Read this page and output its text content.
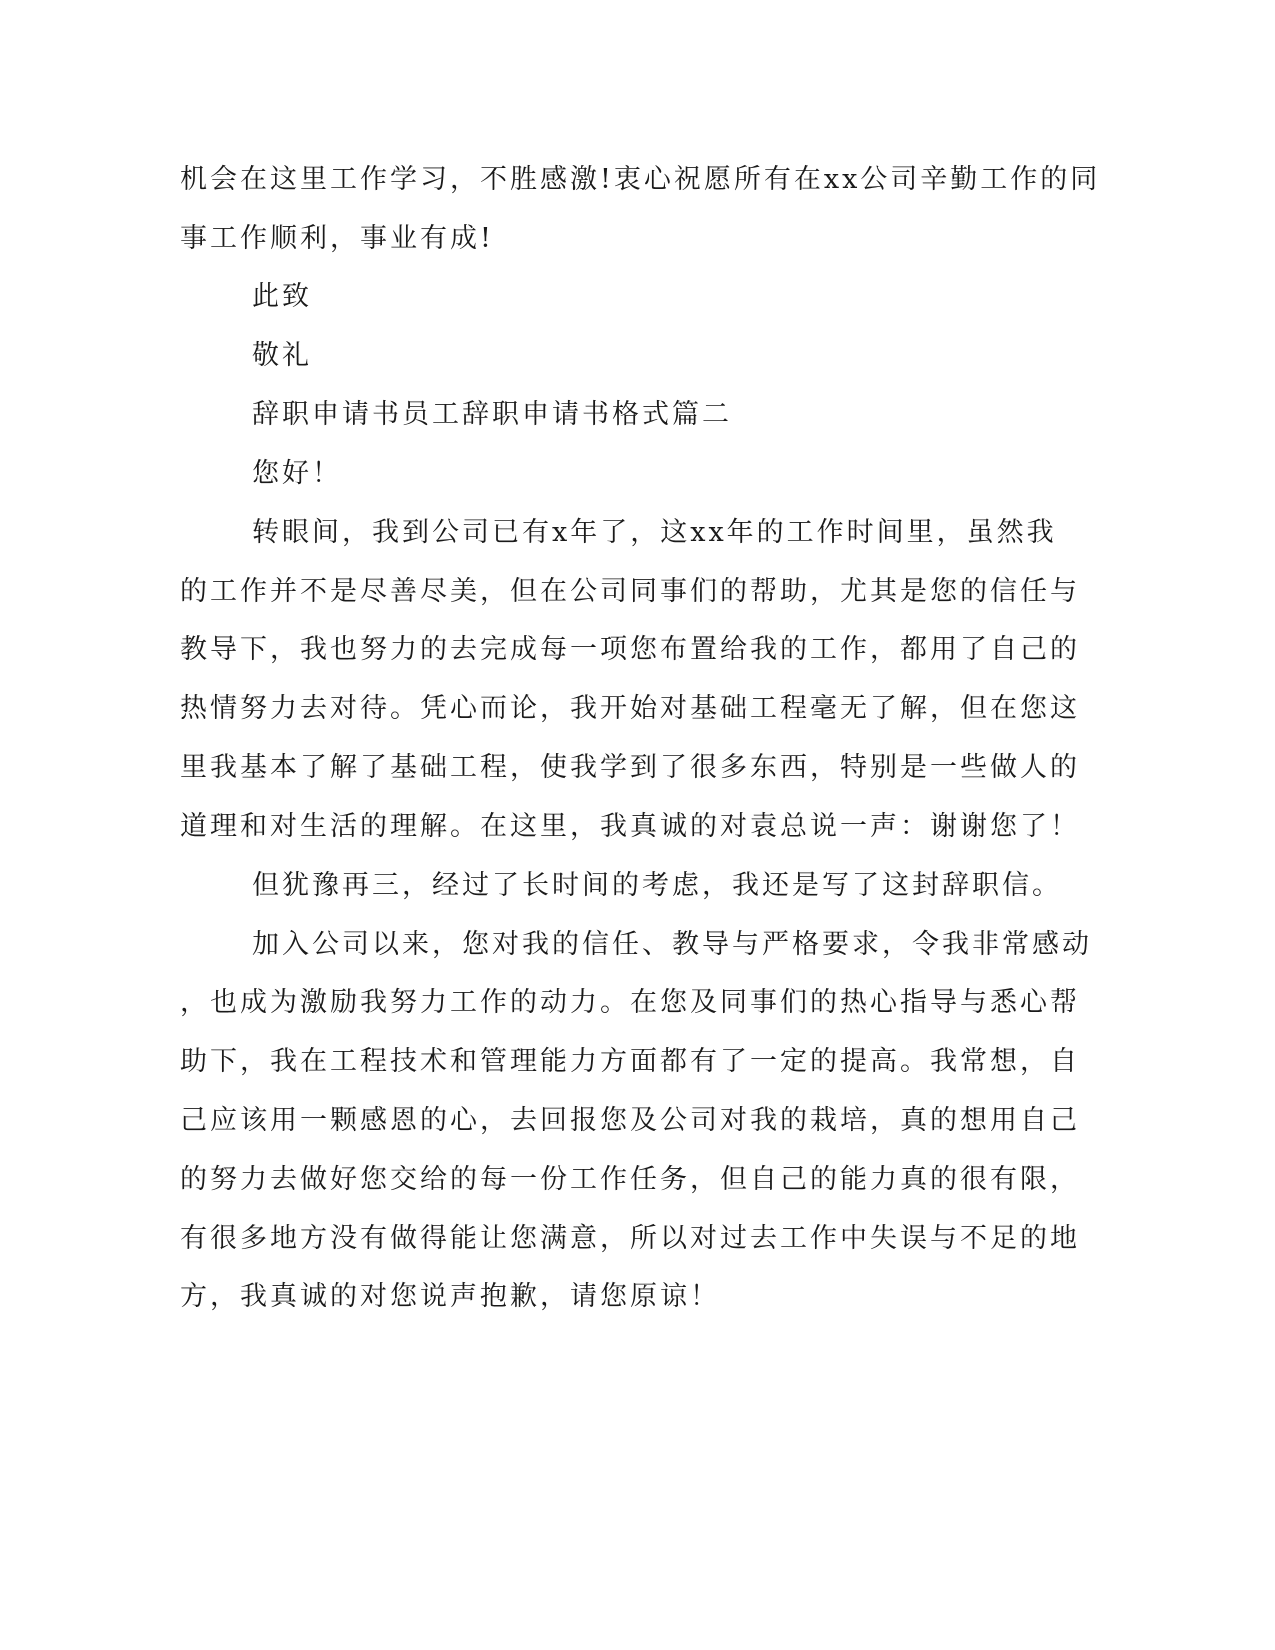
机会在这里工作学习，不胜感激!衷心祝愿所有在xx公司辛勤工作的同
事工作顺利，事业有成!
此致
敬礼
辞职申请书员工辞职申请书格式篇二
您好！
转眼间，我到公司已有x年了，这xx年的工作时间里，虽然我
的工作并不是尽善尽美，但在公司同事们的帮助，尤其是您的信任与
教导下，我也努力的去完成每一项您布置给我的工作，都用了自己的
热情努力去对待。凭心而论，我开始对基础工程毫无了解，但在您这
里我基本了解了基础工程，使我学到了很多东西，特别是一些做人的
道理和对生活的理解。在这里，我真诚的对袁总说一声：谢谢您了！
但犹豫再三，经过了长时间的考虑，我还是写了这封辞职信。
加入公司以来，您对我的信任、教导与严格要求，令我非常感动
，也成为激励我努力工作的动力。在您及同事们的热心指导与悉心帮
助下，我在工程技术和管理能力方面都有了一定的提高。我常想，自
己应该用一颗感恩的心，去回报您及公司对我的栽培，真的想用自己
的努力去做好您交给的每一份工作任务，但自己的能力真的很有限，
有很多地方没有做得能让您满意，所以对过去工作中失误与不足的地
方，我真诚的对您说声抱歉，请您原谅！
